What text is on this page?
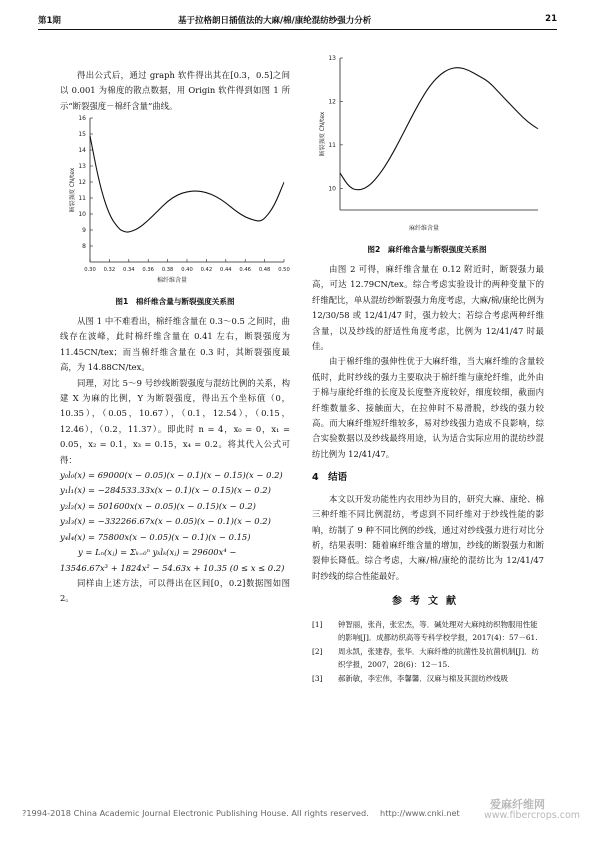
第1期	基于拉格朗日插值法的大麻/棉/康纶混纺纱强力分析	21

得出公式后，通过 graph 软件得出其在[0.3，0.5]之间以 0.001 为棉度的散点数据，用 Origin 软件得到如图 1 所示“断裂强度－棉纤含量”曲线。

0.30 0.32 0.34 0.36 0.38 0.40 0.42 0.44 0.46 0.48 0.50
8
9
10
11
12
13
14
15
16
棉纤维含量
断裂强度 CN/tex
图1　棉纤维含量与断裂强度关系图

从图 1 中不难看出，棉纤维含量在 0.3～0.5 之间时，曲线存在波峰，此时棉纤维含量在 0.41 左右，断裂强度为 11.45CN/tex；而当棉纤维含量在 0.3 时，其断裂强度最高，为 14.88CN/tex。

同理，对比 5～9 号纱线断裂强度与混纺比例的关系，构建 X 为麻的比例，Y 为断裂强度，得出五个坐标值（0，10.35），（0.05，10.67），（0.1，12.54），（0.15，12.46），（0.2，11.37）。即此时 n = 4，x₀ = 0，x₁ = 0.05，x₂ = 0.1，x₃ = 0.15，x₄ = 0.2。将其代入公式可得：

y₀l₀(x) = 69000(x − 0.05)(x − 0.1)(x − 0.15)(x − 0.2)

y₁l₁(x) = −284533.33x(x − 0.1)(x − 0.15)(x − 0.2)

y₂l₂(x) = 501600x(x − 0.05)(x − 0.15)(x − 0.2)

y₃l₃(x) = −332266.67x(x − 0.05)(x − 0.1)(x − 0.2)

y₄l₄(x) = 75800x(x − 0.05)(x − 0.1)(x − 0.15)

y = Lₙ(xⱼ) = Σₖ₌₀ⁿ yₖlₖ(xⱼ) = 29600x⁴ −

13546.67x³ + 1824x² − 54.63x + 10.35 (0 ≤ x ≤ 0.2)

同样由上述方法，可以得出在区间[0，0.2]数据图如图 2。

10
11
12
13
麻纤维含量
断裂强度 CN/tex
图2　麻纤维含量与断裂强度关系图

由图 2 可得，麻纤维含量在 0.12 附近时，断裂强力最高，可达 12.79CN/tex。综合考虑实验设计的两种变量下的纤维配比，单从混纺纱断裂强力角度考虑，大麻/棉/康纶比例为 12/30/58 或 12/41/47 时，强力较大；若综合考虑两种纤维含量，以及纱线的舒适性角度考虑，比例为 12/41/47 时最佳。

由于棉纤维的强伸性优于大麻纤维，当大麻纤维的含量较低时，此时纱线的强力主要取决于棉纤维与康纶纤维，此外由于棉与康纶纤维的长度及长度整齐度较好，细度较细，截面内纤维数量多、接触面大，在拉伸时不易滑脱，纱线的强力较高。而大麻纤维短纤维较多，易对纱线强力造成不良影响，综合实验数据以及纱线最终用途，认为适合实际应用的混纺纱混纺比例为 12/41/47。

4　结语

本文以开发功能性内衣用纱为目的，研究大麻、康纶、棉三种纤维不同比例混纺，考虑到不同纤维对于纱线性能的影响，纺制了 9 种不同比例的纱线，通过对纱线强力进行对比分析，结果表明：随着麻纤维含量的增加，纱线的断裂强力和断裂伸长降低。综合考虑，大麻/棉/康纶的混纺比为 12/41/47 时纱线的综合性能最好。

参考文献
[1]	钟智丽，张肖，张宏杰，等．碱处理对大麻纯纺织物服用性能的影响[J]．成都纺织高等专科学校学报，2017(4)：57－61.
[2]	周永凯，张建春，张华．大麻纤维的抗菌性及抗菌机制[J]．纺织学报，2007，28(6)：12－15.
[3]	郝新敏，李宏伟，李馨馨．汉麻与棉及其混纺纱线吸
?1994-2018 China Academic Journal Electronic Publishing House. All rights reserved. http://www.cnki.net
爱麻纤维网
www.fibercrops.com
